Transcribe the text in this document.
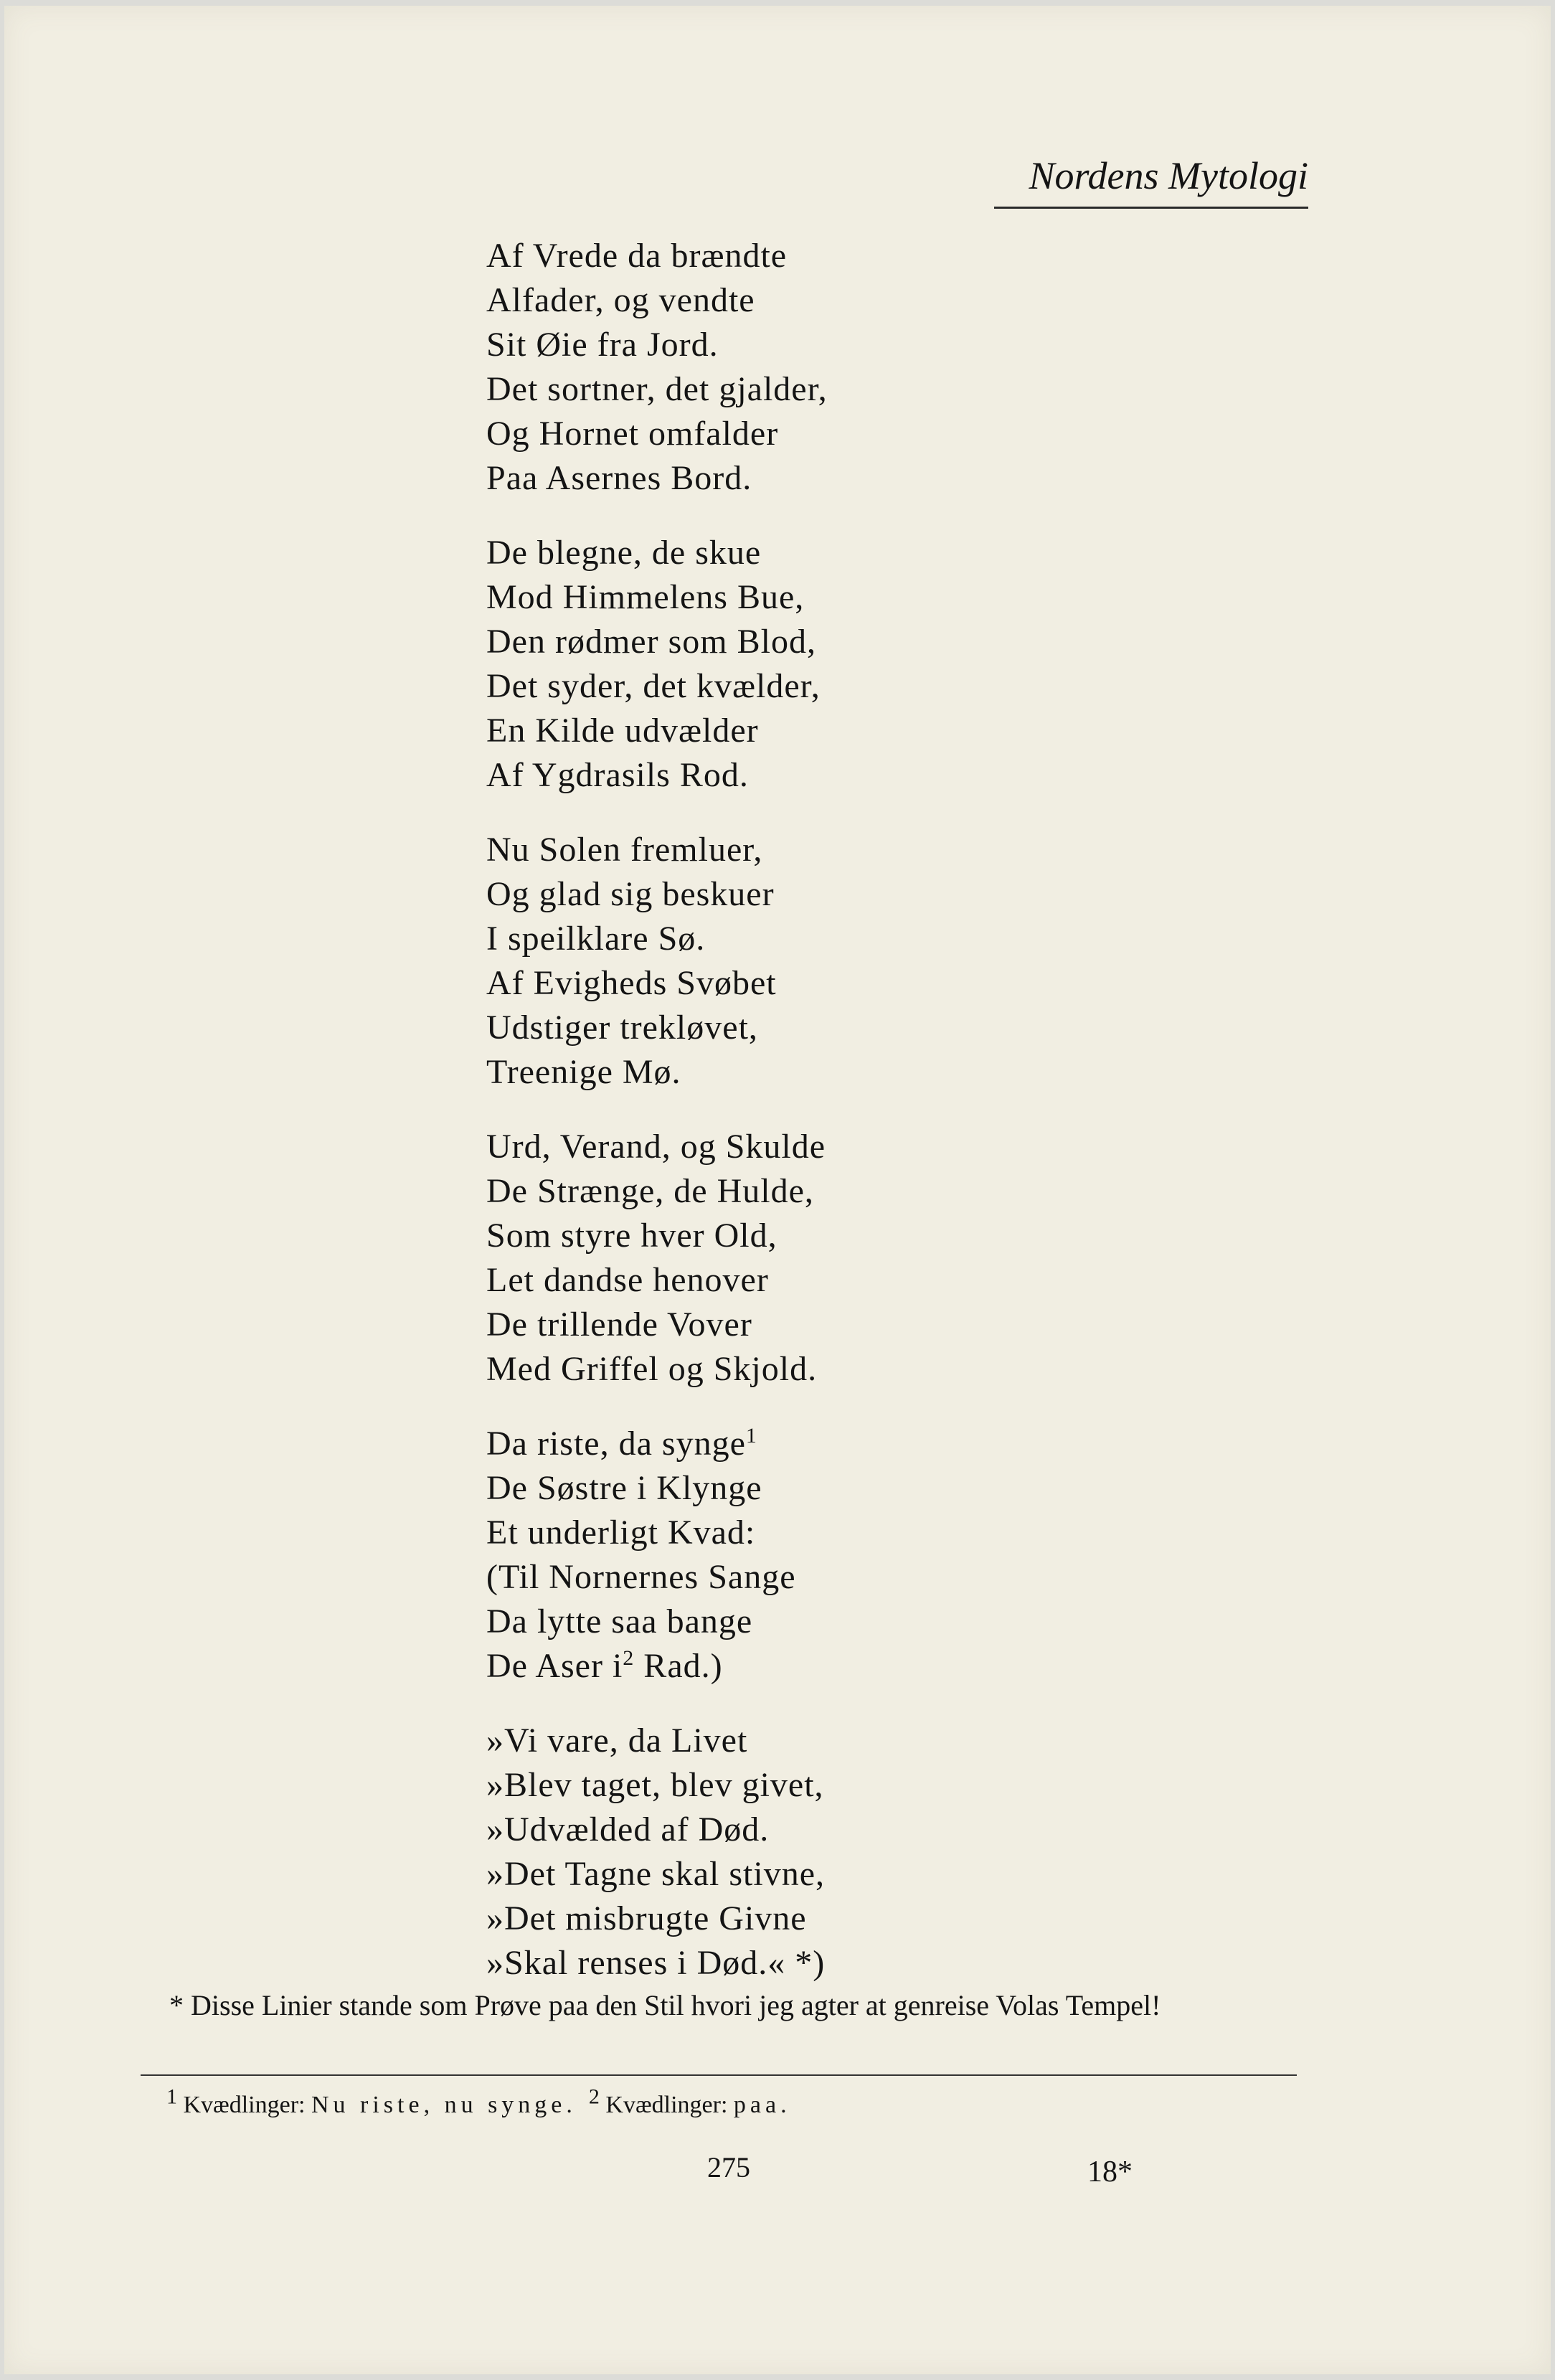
Nordens Mytologi
Af Vrede da brændte
Alfader, og vendte
Sit Øie fra Jord.
Det sortner, det gjalder,
Og Hornet omfalder
Paa Asernes Bord.
De blegne, de skue
Mod Himmelens Bue,
Den rødmer som Blod,
Det syder, det kvælder,
En Kilde udvælder
Af Ygdrasils Rod.
Nu Solen fremluer,
Og glad sig beskuer
I speilklare Sø.
Af Evigheds Svøbet
Udstiger trekløvet,
Treenige Mø.
Urd, Verand, og Skulde
De Strænge, de Hulde,
Som styre hver Old,
Let dandse henover
De trillende Vover
Med Griffel og Skjold.
Da riste, da synge$^1$
De Søstre i Klynge
Et underligt Kvad:
(Til Nornernes Sange
Da lytte saa bange
De Aser $i^2$ Rad.)
»Vi vare, da Livet
»Blev taget, blev givet,
»Udvælded af Død.
»Det Tagne skal stivne,
»Det misbrugte Givne
»Skal renses i Død.« *)
* Disse Linier stande som Prøve paa den Stil hvori jeg agter at genreise Volas Tempel!
$^1$ Kvædlinger: Nu riste, nu synge. $^2$ Kvædlinger: paa.
275	18*
